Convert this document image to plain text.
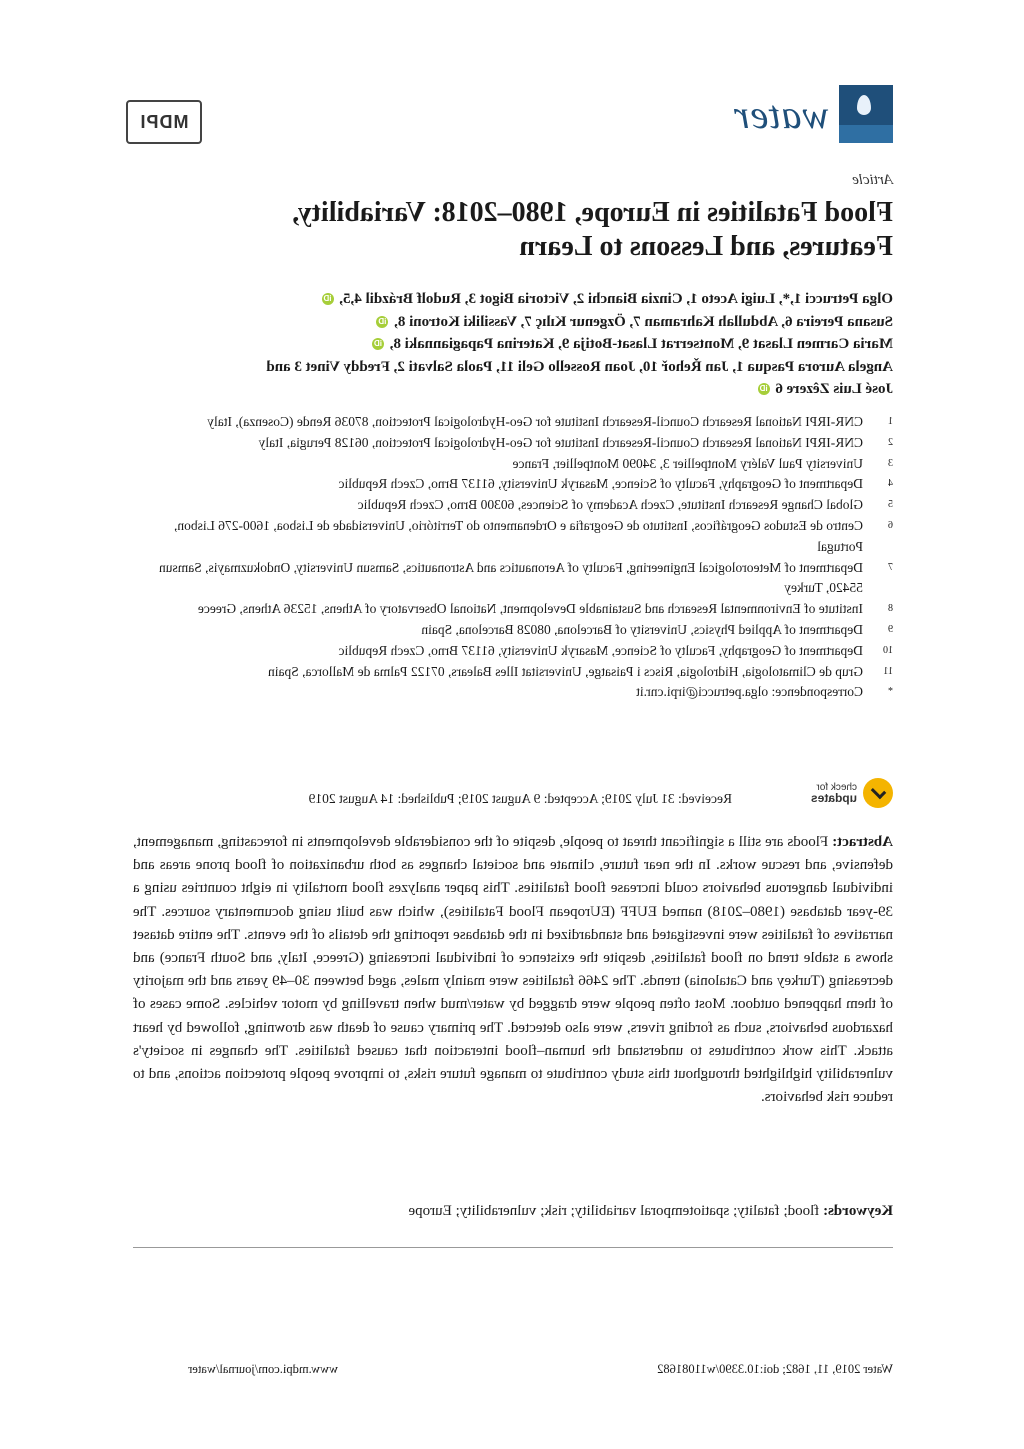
water
MDPI
Article
Flood Fatalities in Europe, 1980–2018: Variability,
Features, and Lessons to Learn
Olga Petrucci 1,*, Luigi Aceto 1, Cinzia Bianchi 2, Victoria Bigot 3, Rudolf Brázdil 4,5, iD
Susana Pereira 6, Abdullah Kahraman 7, Özgenur Kılıç 7, Vassiliki Kotroni 8, iD
Maria Carmen Llasat 9, Montserrat Llasat-Botija 9, Katerina Papagiannaki 8, iD
Angela Aurora Pasqua 1, Jan Řehoř 10, Joan Rossello Geli 11, Paola Salvati 2, Freddy Vinet 3 and
José Luis Zêzere 6 iD
1
CNR-IRPI National Research Council-Research Institute for Geo-Hydrological Protection, 87036 Rende (Cosenza), Italy
2
CNR-IRPI National Research Council-Research Institute for Geo-Hydrological Protection, 06128 Perugia, Italy
3
University Paul Valéry Montpellier 3, 34090 Montpellier, France
4
Department of Geography, Faculty of Science, Masaryk University, 61137 Brno, Czech Republic
5
Global Change Research Institute, Czech Academy of Sciences, 60300 Brno, Czech Republic
6
Centro de Estudos Geográficos, Instituto de Geografia e Ordenamento do Território, Universidade de Lisboa, 1600-276 Lisbon, Portugal
7
Department of Meteorological Engineering, Faculty of Aeronautics and Astronautics, Samsun University, Ondokuzmayis, Samsun 55420, Turkey
8
Institute of Environmental Research and Sustainable Development, National Observatory of Athens, 15236 Athens, Greece
9
Department of Applied Physics, University of Barcelona, 08028 Barcelona, Spain
10
Department of Geography, Faculty of Science, Masaryk University, 61137 Brno, Czech Republic
11
Grup de Climatologia, Hidrologia, Riscs i Paisatge, Universitat Illes Balears, 07122 Palma de Mallorca, Spain
*
Correspondence: olga.petrucci@irpi.cnr.it
check for
updates
Received: 31 July 2019; Accepted: 9 August 2019; Published: 14 August 2019
Abstract: Floods are still a significant threat to people, despite of the considerable developments in forecasting, management, defensive, and rescue works. In the near future, climate and societal changes as both urbanization of flood prone areas and individual dangerous behaviors could increase flood fatalities. This paper analyzes flood mortality in eight countries using a 39-year database (1980–2018) named EUFF (EUropean Flood Fatalities), which was built using documentary sources. The narratives of fatalities were investigated and standardized in the database reporting the details of the events. The entire dataset shows a stable trend on flood fatalities, despite the existence of individual increasing (Greece, Italy, and South France) and decreasing (Turkey and Catalonia) trends. The 2466 fatalities were mainly males, aged between 30–49 years and the majority of them happened outdoor. Most often people were dragged by water/mud when travelling by motor vehicles. Some cases of hazardous behaviors, such as fording rivers, were also detected. The primary cause of death was drowning, followed by heart attack. This work contributes to understand the human–flood interaction that caused fatalities. The changes in society's vulnerability highlighted throughout this study contribute to manage future risks, to improve people protection actions, and to reduce risk behaviors.
Keywords: flood; fatality; spatiotemporal variability; risk; vulnerability; Europe
Water 2019, 11, 1682; doi:10.3390/w11081682
www.mdpi.com/journal/water
